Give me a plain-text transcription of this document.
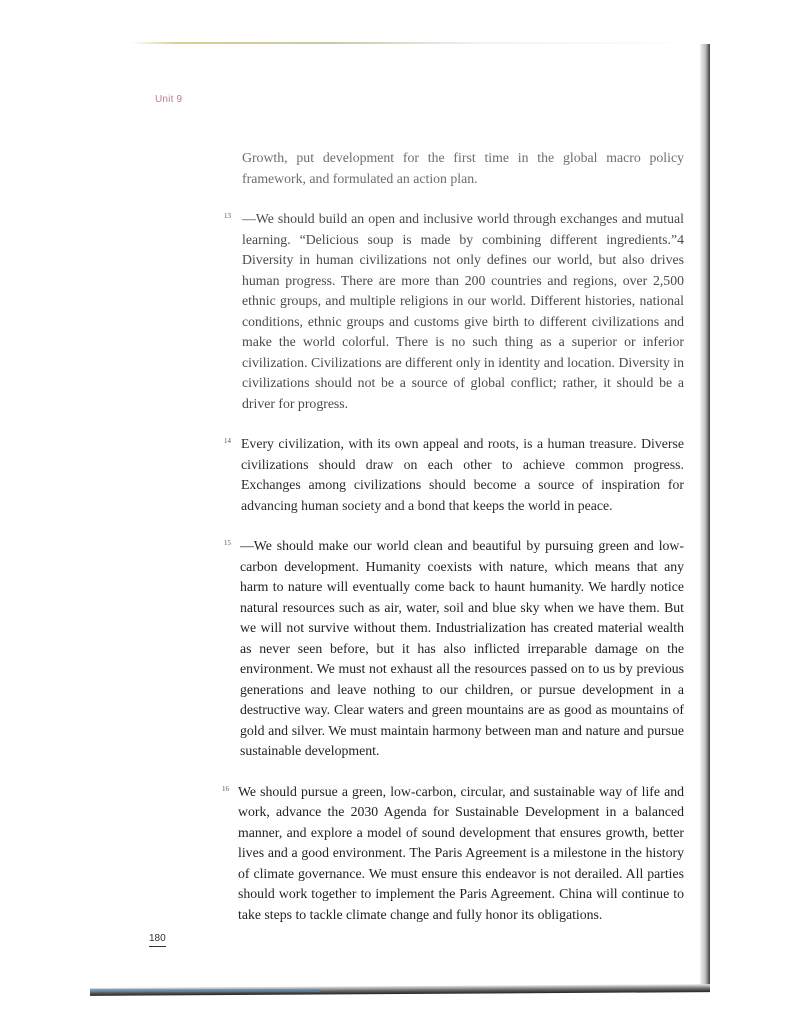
Unit 9

Growth, put development for the first time in the global macro policy framework, and formulated an action plan.

13 —We should build an open and inclusive world through exchanges and mutual learning. “Delicious soup is made by combining different ingredients.”4 Diversity in human civilizations not only defines our world, but also drives human progress. There are more than 200 countries and regions, over 2,500 ethnic groups, and multiple religions in our world. Different histories, national conditions, ethnic groups and customs give birth to different civilizations and make the world colorful. There is no such thing as a superior or inferior civilization. Civilizations are different only in identity and location. Diversity in civilizations should not be a source of global conflict; rather, it should be a driver for progress.

14 Every civilization, with its own appeal and roots, is a human treasure. Diverse civilizations should draw on each other to achieve common progress. Exchanges among civilizations should become a source of inspiration for advancing human society and a bond that keeps the world in peace.

15 —We should make our world clean and beautiful by pursuing green and low-carbon development. Humanity coexists with nature, which means that any harm to nature will eventually come back to haunt humanity. We hardly notice natural resources such as air, water, soil and blue sky when we have them. But we will not survive without them. Industrialization has created material wealth as never seen before, but it has also inflicted irreparable damage on the environment. We must not exhaust all the resources passed on to us by previous generations and leave nothing to our children, or pursue development in a destructive way. Clear waters and green mountains are as good as mountains of gold and silver. We must maintain harmony between man and nature and pursue sustainable development.

16 We should pursue a green, low-carbon, circular, and sustainable way of life and work, advance the 2030 Agenda for Sustainable Development in a balanced manner, and explore a model of sound development that ensures growth, better lives and a good environment. The Paris Agreement is a milestone in the history of climate governance. We must ensure this endeavor is not derailed. All parties should work together to implement the Paris Agreement. China will continue to take steps to tackle climate change and fully honor its obligations.

180
